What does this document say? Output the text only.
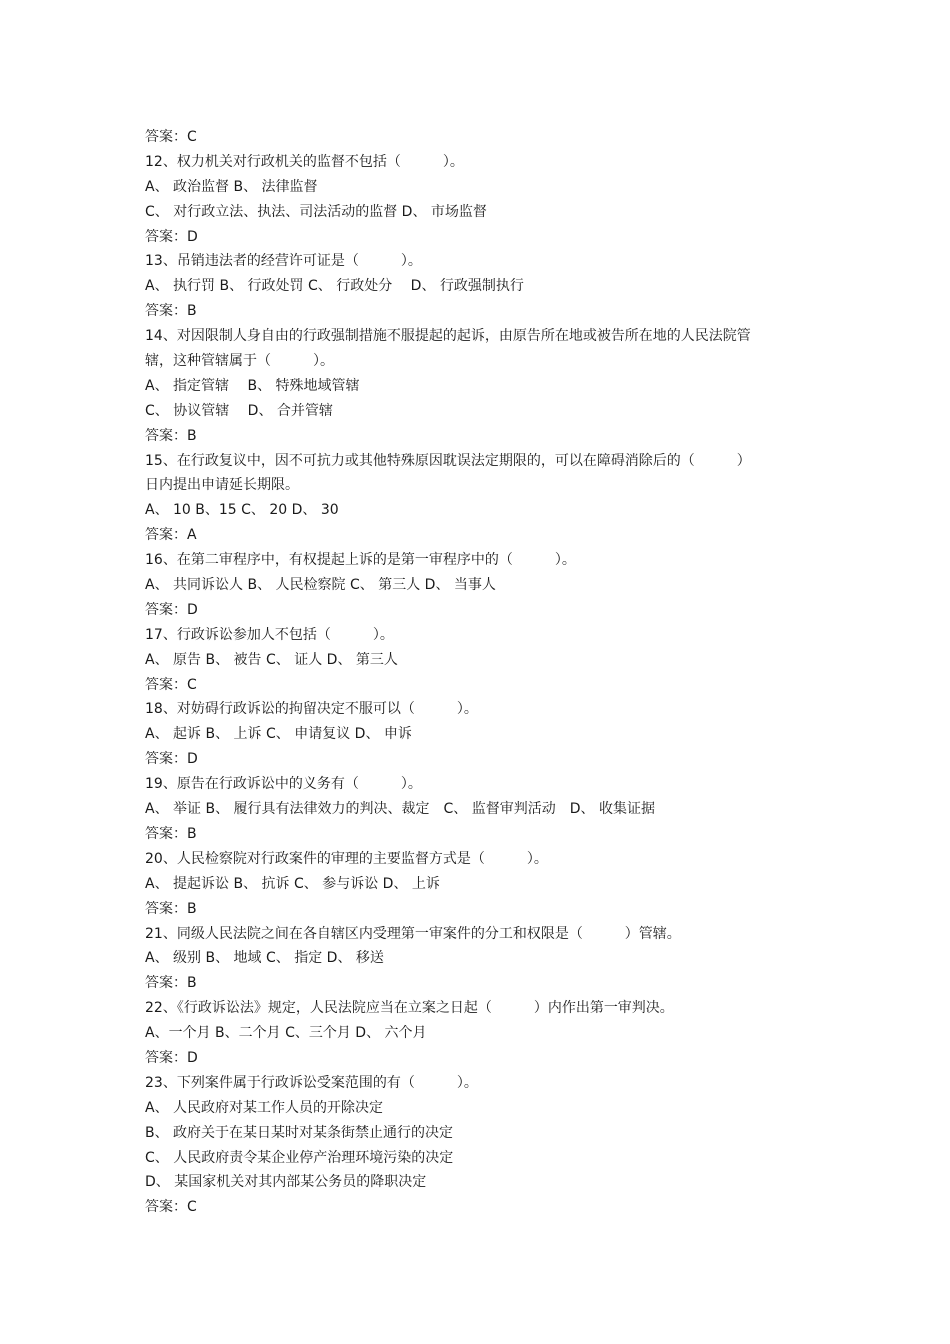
答案：C
12、权力机关对行政机关的监督不包括（　　　）。
A、 政治监督 B、 法律监督
C、 对行政立法、执法、司法活动的监督 D、 市场监督
答案：D
13、吊销违法者的经营许可证是（　　　）。
A、 执行罚 B、 行政处罚 C、 行政处分　 D、 行政强制执行
答案：B
14、对因限制人身自由的行政强制措施不服提起的起诉，由原告所在地或被告所在地的人民法院管
辖，这种管辖属于（　　　）。
A、 指定管辖　 B、 特殊地域管辖
C、 协议管辖　 D、 合并管辖
答案：B
15、在行政复议中，因不可抗力或其他特殊原因耽误法定期限的，可以在障碍消除后的（　　　）
日内提出申请延长期限。
A、 10 B、15 C、 20 D、 30
答案：A
16、在第二审程序中，有权提起上诉的是第一审程序中的（　　　）。
A、 共同诉讼人 B、 人民检察院 C、 第三人 D、 当事人
答案：D
17、行政诉讼参加人不包括（　　　）。
A、 原告 B、 被告 C、 证人 D、 第三人
答案：C
18、对妨碍行政诉讼的拘留决定不服可以（　　　）。
A、 起诉 B、 上诉 C、 申请复议 D、 申诉
答案：D
19、原告在行政诉讼中的义务有（　　　）。
A、 举证 B、 履行具有法律效力的判决、裁定　C、 监督审判活动　D、 收集证据
答案：B
20、人民检察院对行政案件的审理的主要监督方式是（　　　）。
A、 提起诉讼 B、 抗诉 C、 参与诉讼 D、 上诉
答案：B
21、同级人民法院之间在各自辖区内受理第一审案件的分工和权限是（　　　）管辖。
A、 级别 B、 地域 C、 指定 D、 移送
答案：B
22、《行政诉讼法》规定，人民法院应当在立案之日起（　　　）内作出第一审判决。
A、一个月 B、二个月 C、三个月 D、 六个月
答案：D
23、下列案件属于行政诉讼受案范围的有（　　　）。
A、 人民政府对某工作人员的开除决定
B、 政府关于在某日某时对某条街禁止通行的决定
C、 人民政府责令某企业停产治理环境污染的决定
D、 某国家机关对其内部某公务员的降职决定
答案：C
